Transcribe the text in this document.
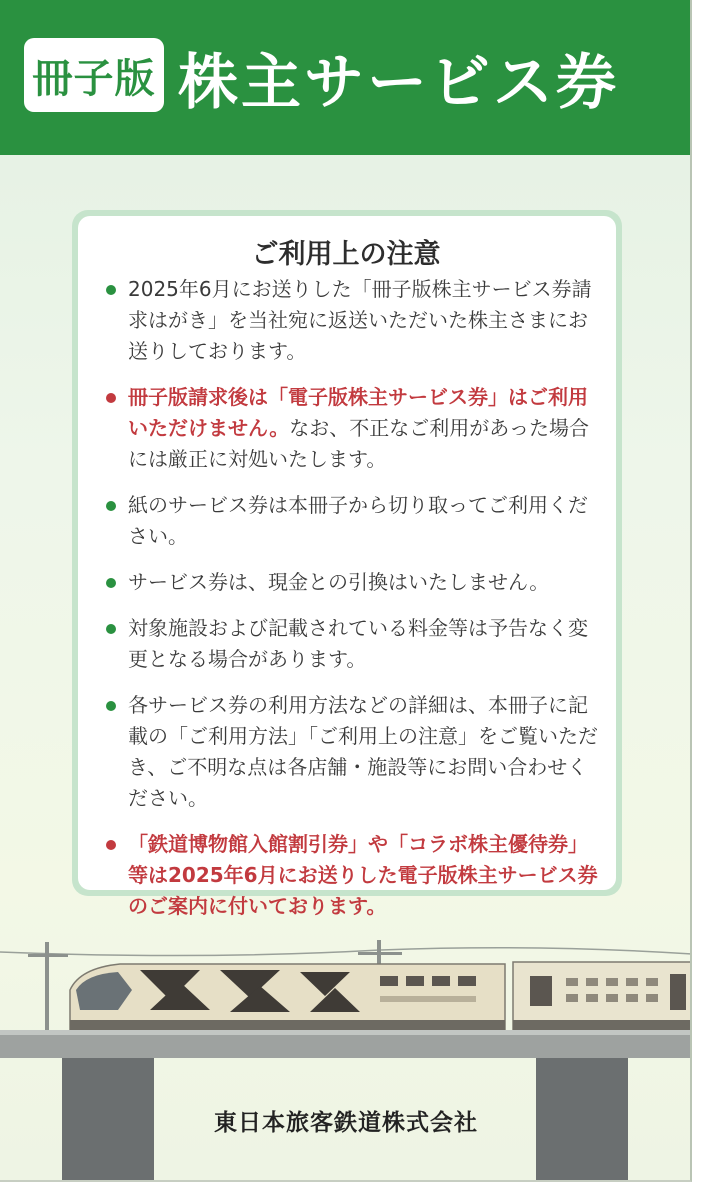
冊子版 株主サービス券
ご利用上の注意
2025年6月にお送りした「冊子版株主サービス券請求はがき」を当社宛に返送いただいた株主さまにお送りしております。
冊子版請求後は「電子版株主サービス券」はご利用いただけません。なお、不正なご利用があった場合には厳正に対処いたします。
紙のサービス券は本冊子から切り取ってご利用ください。
サービス券は、現金との引換はいたしません。
対象施設および記載されている料金等は予告なく変更となる場合があります。
各サービス券の利用方法などの詳細は、本冊子に記載の「ご利用方法」「ご利用上の注意」をご覧いただき、ご不明な点は各店舗・施設等にお問い合わせください。
「鉄道博物館入館割引券」や「コラボ株主優待券」等は2025年6月にお送りした電子版株主サービス券のご案内に付いております。
東日本旅客鉄道株式会社
